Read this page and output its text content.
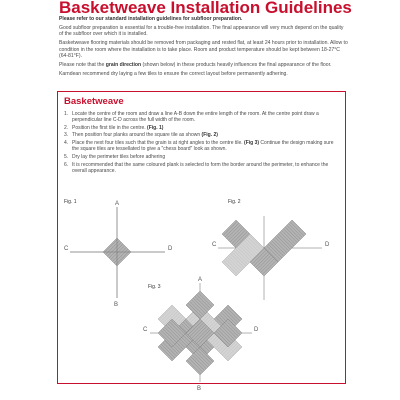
Basketweave Installation Guidelines

Please refer to our standard installation guidelines for subfloor preparation.

Good subfloor preparation is essential for a trouble-free installation. The final appearance will very much depend on the quality of the subfloor over which it is installed.

Basketweave flooring materials should be removed from packaging and rested flat, at least 24 hours prior to installation. Allow to condition in the room where the installation is to take place. Room and product temperature should be kept between 18-27°C (64-81°F).

Please note that the grain direction (shown below) in these products heavily influences the final appearance of the floor.

Karndean recommend dry laying a few tiles to ensure the correct layout before permanently adhering.

Basketweave
1. Locate the centre of the room and draw a line A-B down the entire length of the room. At the centre point draw a perpendicular line C-D across the full width of the room.
2. Position the first tile in the centre. (Fig. 1)
3. Then position four planks around the square tile as shown (Fig. 2)
4. Place the next four tiles such that the grain is at right angles to the centre tile. (Fig 3) Continue the design making sure the square tiles are tessellated to give a "chess board" look as shown.
5. Dry lay the perimeter tiles before adhering
6. It is recommended that the same coloured plank is selected to form the border around the perimeter, to enhance the overall appearance.
Fig. 1	A
B
C	D
Fig. 2
C	D
Fig. 3
A
B
C	D
